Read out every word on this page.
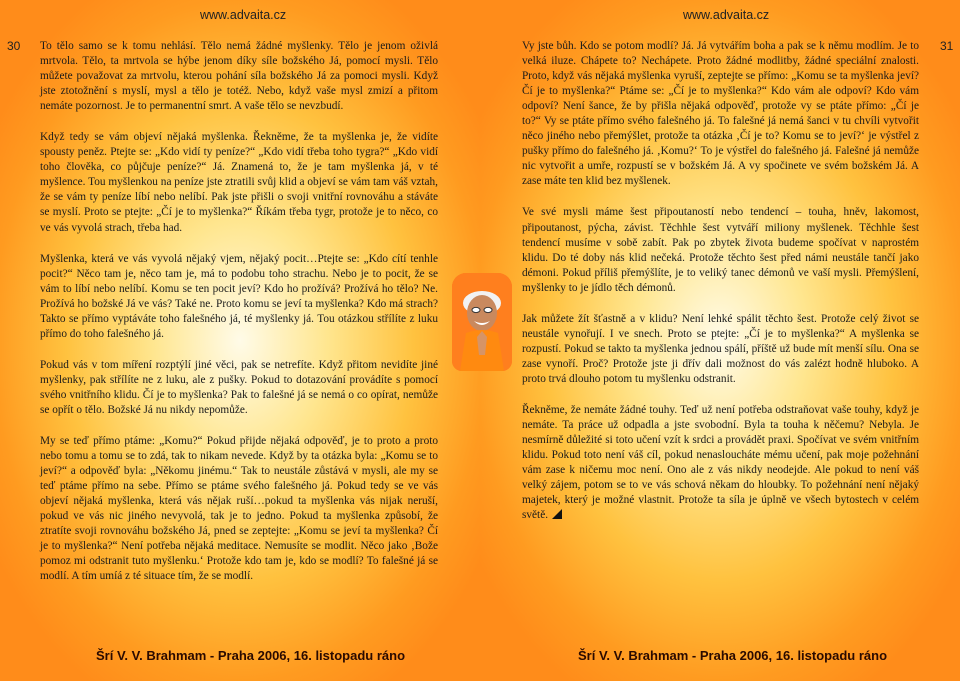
www.advaita.cz	www.advaita.cz
30	31

To tělo samo se k tomu nehlásí. Tělo nemá žádné myšlenky. Tělo je jenom oživlá mrtvola. Tělo, ta mrtvola se hýbe jenom díky síle božského Já, pomocí mysli. Tělo můžete považovat za mrtvolu, kterou pohání síla božského Já za pomoci mysli. Když jste ztotožnění s myslí, mysl a tělo je totéž. Nebo, když vaše mysl zmizí a přitom nemáte pozornost. Je to permanentní smrt. A vaše tělo se nevzbudí.

Když tedy se vám objeví nějaká myšlenka. Řekněme, že ta myšlenka je, že vidíte spousty peněz. Ptejte se: „Kdo vidí ty peníze?“ „Kdo vidí třeba toho tygra?“ „Kdo vidí toho člověka, co půjčuje peníze?“ Já. Znamená to, že je tam myšlenka já, v té myšlence. Tou myšlenkou na peníze jste ztratili svůj klid a objeví se vám tam váš vztah, že se vám ty peníze líbí nebo nelíbí. Pak jste přišli o svoji vnitřní rovnováhu a stáváte se myslí. Proto se ptejte: „Čí je to myšlenka?“ Říkám třeba tygr, protože je to něco, co ve vás vyvolá strach, třeba had.

Myšlenka, která ve vás vyvolá nějaký vjem, nějaký pocit…Ptejte se: „Kdo cítí tenhle pocit?“ Něco tam je, něco tam je, má to podobu toho strachu. Nebo je to pocit, že se vám to líbí nebo nelíbí. Komu se ten pocit jeví? Kdo ho prožívá? Prožívá ho tělo? Ne. Prožívá ho božské Já ve vás? Také ne. Proto komu se jeví ta myšlenka? Kdo má strach? Takto se přímo vyptáváte toho falešného já, té myšlenky já. Tou otázkou střílíte z luku přímo do toho falešného já.

Pokud vás v tom míření rozptýlí jiné věci, pak se netrefíte. Když přitom nevidíte jiné myšlenky, pak střílíte ne z luku, ale z pušky. Pokud to dotazování provádíte s pomocí svého vnitřního klidu. Čí je to myšlenka? Pak to falešné já se nemá o co opírat, nemůže se opřít o tělo. Božské Já nu nikdy nepomůže.

My se teď přímo ptáme: „Komu?“ Pokud přijde nějaká odpověď, je to proto a proto nebo tomu a tomu se to zdá, tak to nikam nevede. Když by ta otázka byla: „Komu se to jeví?“ a odpověď byla: „Někomu jinému.“ Tak to neustále zůstává v mysli, ale my se teď ptáme přímo na sebe. Přímo se ptáme svého falešného já. Pokud tedy se ve vás objeví nějaká myšlenka, která vás nějak ruší…pokud ta myšlenka vás nijak neruší, pokud ve vás nic jiného nevyvolá, tak je to jedno. Pokud ta myšlenka způsobí, že ztratíte svoji rovnováhu božského Já, pned se zeptejte: „Komu se jeví ta myšlenka? Čí je to myšlenka?“ Není potřeba nějaká meditace. Nemusíte se modlit. Něco jako ‚Bože pomoz mi odstranit tuto myšlenku.‘ Protože kdo tam je, kdo se modlí? To falešné já se modlí. A tím umíá z té situace tím, že se modlí.

Vy jste bůh. Kdo se potom modlí? Já. Já vytvářím boha a pak se k němu modlím. Je to velká iluze. Chápete to? Nechápete. Proto žádné modlitby, žádné speciální znalosti. Proto, když vás nějaká myšlenka vyruší, zeptejte se přímo: „Komu se ta myšlenka jeví? Čí je to myšlenka?“ Ptáme se: „Čí je to myšlenka?“ Kdo vám ale odpoví? Kdo vám odpoví? Není šance, že by přišla nějaká odpověď, protože vy se ptáte přímo: „Čí je to?“ Vy se ptáte přímo svého falešného já. To falešné já nemá šanci v tu chvíli vytvořit něco jiného nebo přemýšlet, protože ta otázka ‚Čí je to? Komu se to jeví?‘ je výstřel z pušky přímo do falešného já. ‚Komu?‘ To je výstřel do falešného já. Falešné já nemůže nic vytvořit a umře, rozpustí se v božském Já. A vy spočinete ve svém božském Já. A zase máte ten klid bez myšlenek.

Ve své mysli máme šest připoutaností nebo tendencí – touha, hněv, lakomost, připoutanost, pýcha, závist. Těchhle šest vytváří miliony myšlenek. Těchhle šest tendencí musíme v sobě zabít. Pak po zbytek života budeme spočívat v naprostém klidu. Do té doby nás klid nečeká. Protože těchto šest před námi neustále tančí jako démoni. Pokud příliš přemýšlíte, je to veliký tanec démonů ve vaší mysli. Přemýšlení, myšlenky to je jídlo těch démonů.

Jak můžete žít šťastně a v klidu? Není lehké spálit těchto šest. Protože celý život se neustále vynořují. I ve snech. Proto se ptejte: „Čí je to myšlenka?“ A myšlenka se rozpustí. Pokud se takto ta myšlenka jednou spálí, příště už bude mít menší sílu. Ona se zase vynoří. Proč? Protože jste ji dřív dali možnost do vás zalézt hodně hluboko. A proto trvá dlouho potom tu myšlenku odstranit.

Řekněme, že nemáte žádné touhy. Teď už není potřeba odstraňovat vaše touhy, když je nemáte. Ta práce už odpadla a jste svobodní. Byla ta touha k něčemu? Nebyla. Je nesmírně důležité si toto učení vzít k srdci a provádět praxi. Spočívat ve svém vnitřním klidu. Pokud toto není váš cíl, pokud nenasloucháte mému učení, pak moje požehnání vám zase k ničemu moc není. Ono ale z vás nikdy neodejde. Ale pokud to není váš velký zájem, potom se to ve vás schová někam do hloubky. To požehnání není nějaký majetek, který je možné vlastnit. Protože ta síla je úplně ve všech bytostech v celém světě.

Šrí V. V. Brahmam - Praha 2006, 16. listopadu ráno	Šrí V. V. Brahmam - Praha 2006, 16. listopadu ráno
